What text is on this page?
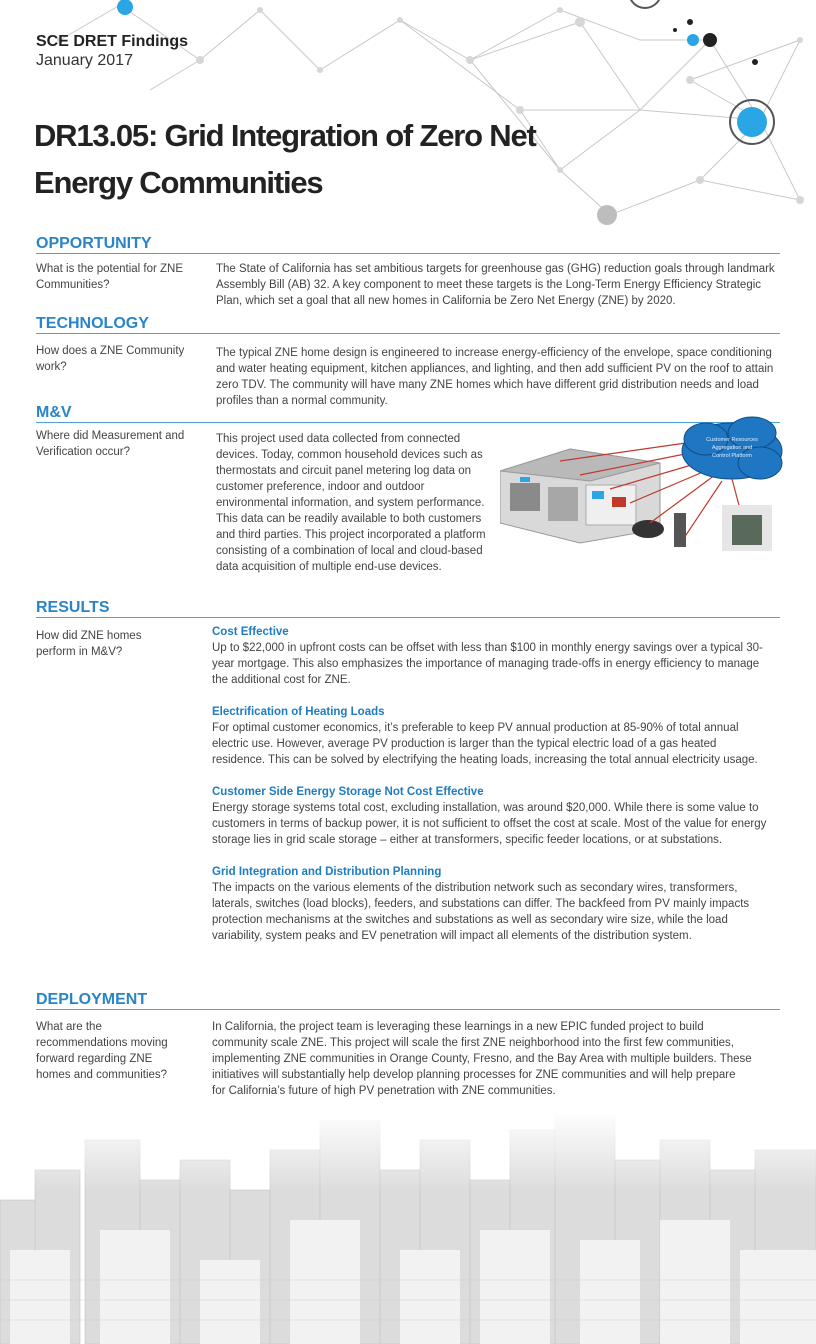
SCE DRET Findings
January 2017
DR13.05: Grid Integration of Zero Net
Energy Communities
OPPORTUNITY
What is the potential for ZNE Communities?
The State of California has set ambitious targets for greenhouse gas (GHG) reduction goals through landmark Assembly Bill (AB) 32. A key component to meet these targets is the Long-Term Energy Efficiency Strategic Plan, which set a goal that all new homes in California be Zero Net Energy (ZNE) by 2020.
TECHNOLOGY
How does a ZNE Community work?
The typical ZNE home design is engineered to increase energy-efficiency of the envelope, space conditioning and water heating equipment, kitchen appliances, and lighting, and then add sufficient PV on the roof to attain zero TDV. The community will have many ZNE homes which have different grid distribution needs and load profiles than a normal community.
M&V
Where did Measurement and Verification occur?
This project used data collected from connected devices. Today, common household devices such as thermostats and circuit panel metering log data on customer preference, indoor and outdoor environmental information, and system performance. This data can be readily available to both customers and third parties. This project incorporated a platform consisting of a combination of local and cloud-based data acquisition of multiple end-use devices.
Customer Resources
Aggregation and
Control Platform
RESULTS
How did ZNE homes perform in M&V?
Cost Effective
Up to $22,000 in upfront costs can be offset with less than $100 in monthly energy savings over a typical 30-year mortgage. This also emphasizes the importance of managing trade-offs in energy efficiency to manage the additional cost for ZNE.
Electrification of Heating Loads
For optimal customer economics, it’s preferable to keep PV annual production at 85-90% of total annual electric use. However, average PV production is larger than the typical electric load of a gas heated residence. This can be solved by electrifying the heating loads, increasing the total annual electricity usage.
Customer Side Energy Storage Not Cost Effective
Energy storage systems total cost, excluding installation, was around $20,000. While there is some value to customers in terms of backup power, it is not sufficient to offset the cost at scale. Most of the value for energy storage lies in grid scale storage – either at transformers, specific feeder locations, or at substations.
Grid Integration and Distribution Planning
The impacts on the various elements of the distribution network such as secondary wires, transformers, laterals, switches (load blocks), feeders, and substations can differ. The backfeed from PV mainly impacts protection mechanisms at the switches and substations as well as secondary wire size, while the load variability, system peaks and EV penetration will impact all elements of the distribution system.
DEPLOYMENT
What are the recommendations moving forward regarding ZNE homes and communities?
In California, the project team is leveraging these learnings in a new EPIC funded project to build community scale ZNE. This project will scale the first ZNE neighborhood into the first few communities, implementing ZNE communities in Orange County, Fresno, and the Bay Area with multiple builders. These initiatives will substantially help develop planning processes for ZNE communities and will help prepare for California’s future of high PV penetration with ZNE communities.
